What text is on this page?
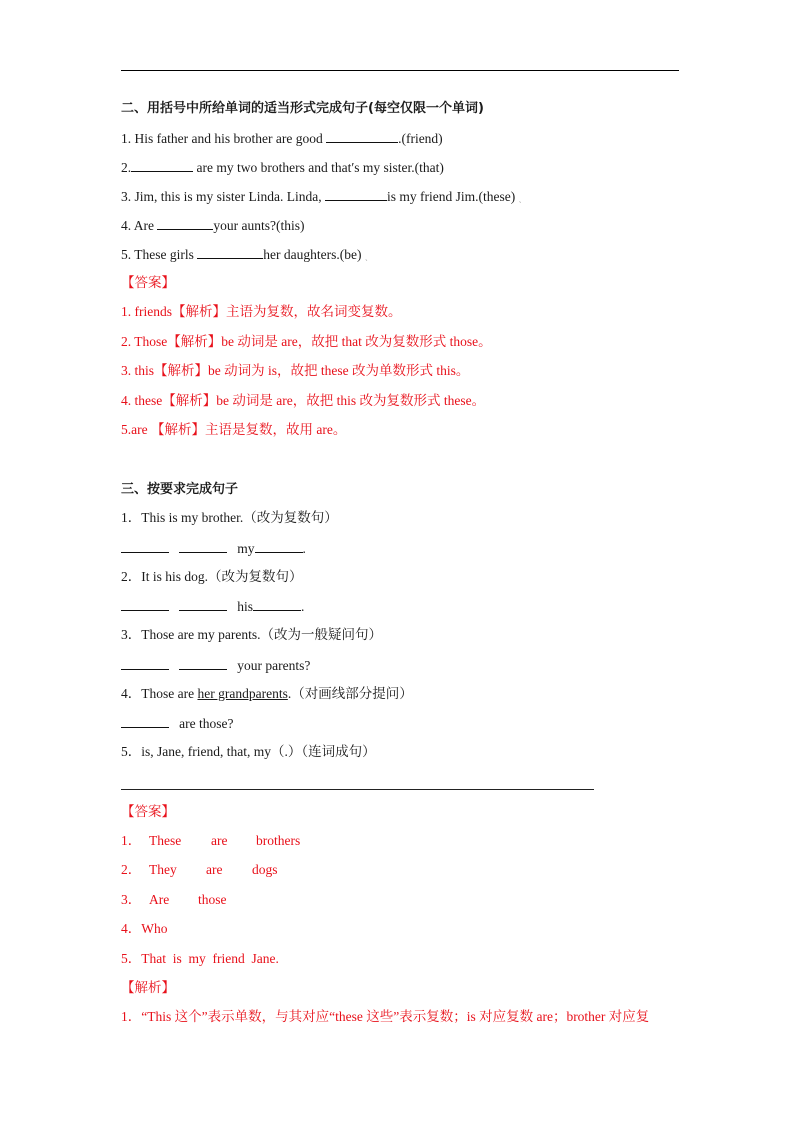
二、用括号中所给单词的适当形式完成句子(每空仅限一个单词)
1. His father and his brother are good	.(friend)
2.	are my two brothers and that′s my sister.(that)
3. Jim, this is my sister Linda. Linda,	is my friend Jim.(these) ˎ
4. Are	your aunts?(this)
5. These girls	her daughters.(be) ˎ
【答案】
1. friends【解析】主语为复数，故名词变复数。
2. Those【解析】be 动词是 are，故把 that 改为复数形式 those。
3. this【解析】be 动词为 is，故把 these 改为单数形式 this。
4. these【解析】be 动词是 are，故把 this 改为复数形式 these。
5.are 【解析】主语是复数，故用 are。
三、按要求完成句子
1．This is my brother.（改为复数句）
my	.
2．It is his dog.（改为复数句）
his	.
3．Those are my parents.（改为一般疑问句）
your parents?
4．Those are her grandparents.（对画线部分提问）
are those?
5．is, Jane, friend, that, my（.）（连词成句）
【答案】
1． These are brothers
2． They are dogs
3． Are those
4．Who
5．That  is  my  friend  Jane.
【解析】
1．“This 这个”表示单数，与其对应“these 这些”表示复数；is 对应复数 are；brother 对应复
